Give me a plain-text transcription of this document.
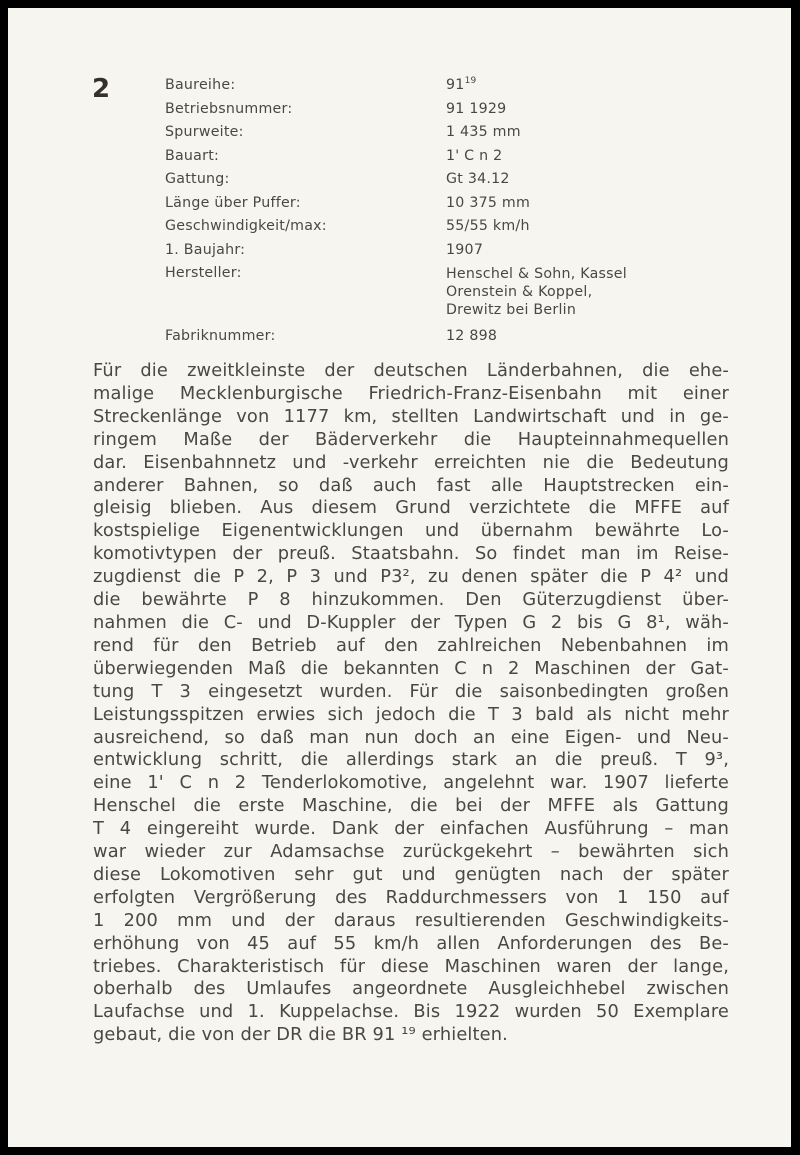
2	Baureihe:	$91^{19}$
Betriebsnummer:	91 1929
Spurweite:	1 435 mm
Bauart:	1' C n 2
Gattung:	Gt 34.12
Länge über Puffer:	10 375 mm
Geschwindigkeit/max:	55/55 km/h
1. Baujahr:	1907
Hersteller:	Henschel & Sohn, Kassel
Orenstein & Koppel,
Drewitz bei Berlin
Fabriknummer:	12 898
Für die zweitkleinste der deutschen Länderbahnen, die ehe-
malige Mecklenburgische Friedrich-Franz-Eisenbahn mit einer
Streckenlänge von 1177 km, stellten Landwirtschaft und in ge-
ringem Maße der Bäderverkehr die Haupteinnahmequellen
dar. Eisenbahnnetz und -verkehr erreichten nie die Bedeutung
anderer Bahnen, so daß auch fast alle Hauptstrecken ein-
gleisig blieben. Aus diesem Grund verzichtete die MFFE auf
kostspielige Eigenentwicklungen und übernahm bewährte Lo-
komotivtypen der preuß. Staatsbahn. So findet man im Reise-
zugdienst die P 2, P 3 und P3², zu denen später die P 4² und
die bewährte P 8 hinzukommen. Den Güterzugdienst über-
nahmen die C- und D-Kuppler der Typen G 2 bis G 8¹, wäh-
rend für den Betrieb auf den zahlreichen Nebenbahnen im
überwiegenden Maß die bekannten C n 2 Maschinen der Gat-
tung T 3 eingesetzt wurden. Für die saisonbedingten großen
Leistungsspitzen erwies sich jedoch die T 3 bald als nicht mehr
ausreichend, so daß man nun doch an eine Eigen- und Neu-
entwicklung schritt, die allerdings stark an die preuß. T 9³,
eine 1' C n 2 Tenderlokomotive, angelehnt war. 1907 lieferte
Henschel die erste Maschine, die bei der MFFE als Gattung
T 4 eingereiht wurde. Dank der einfachen Ausführung – man
war wieder zur Adamsachse zurückgekehrt – bewährten sich
diese Lokomotiven sehr gut und genügten nach der später
erfolgten Vergrößerung des Raddurchmessers von 1 150 auf
1 200 mm und der daraus resultierenden Geschwindigkeits-
erhöhung von 45 auf 55 km/h allen Anforderungen des Be-
triebes. Charakteristisch für diese Maschinen waren der lange,
oberhalb des Umlaufes angeordnete Ausgleichhebel zwischen
Laufachse und 1. Kuppelachse. Bis 1922 wurden 50 Exemplare
gebaut, die von der DR die BR 91 ¹⁹ erhielten.
